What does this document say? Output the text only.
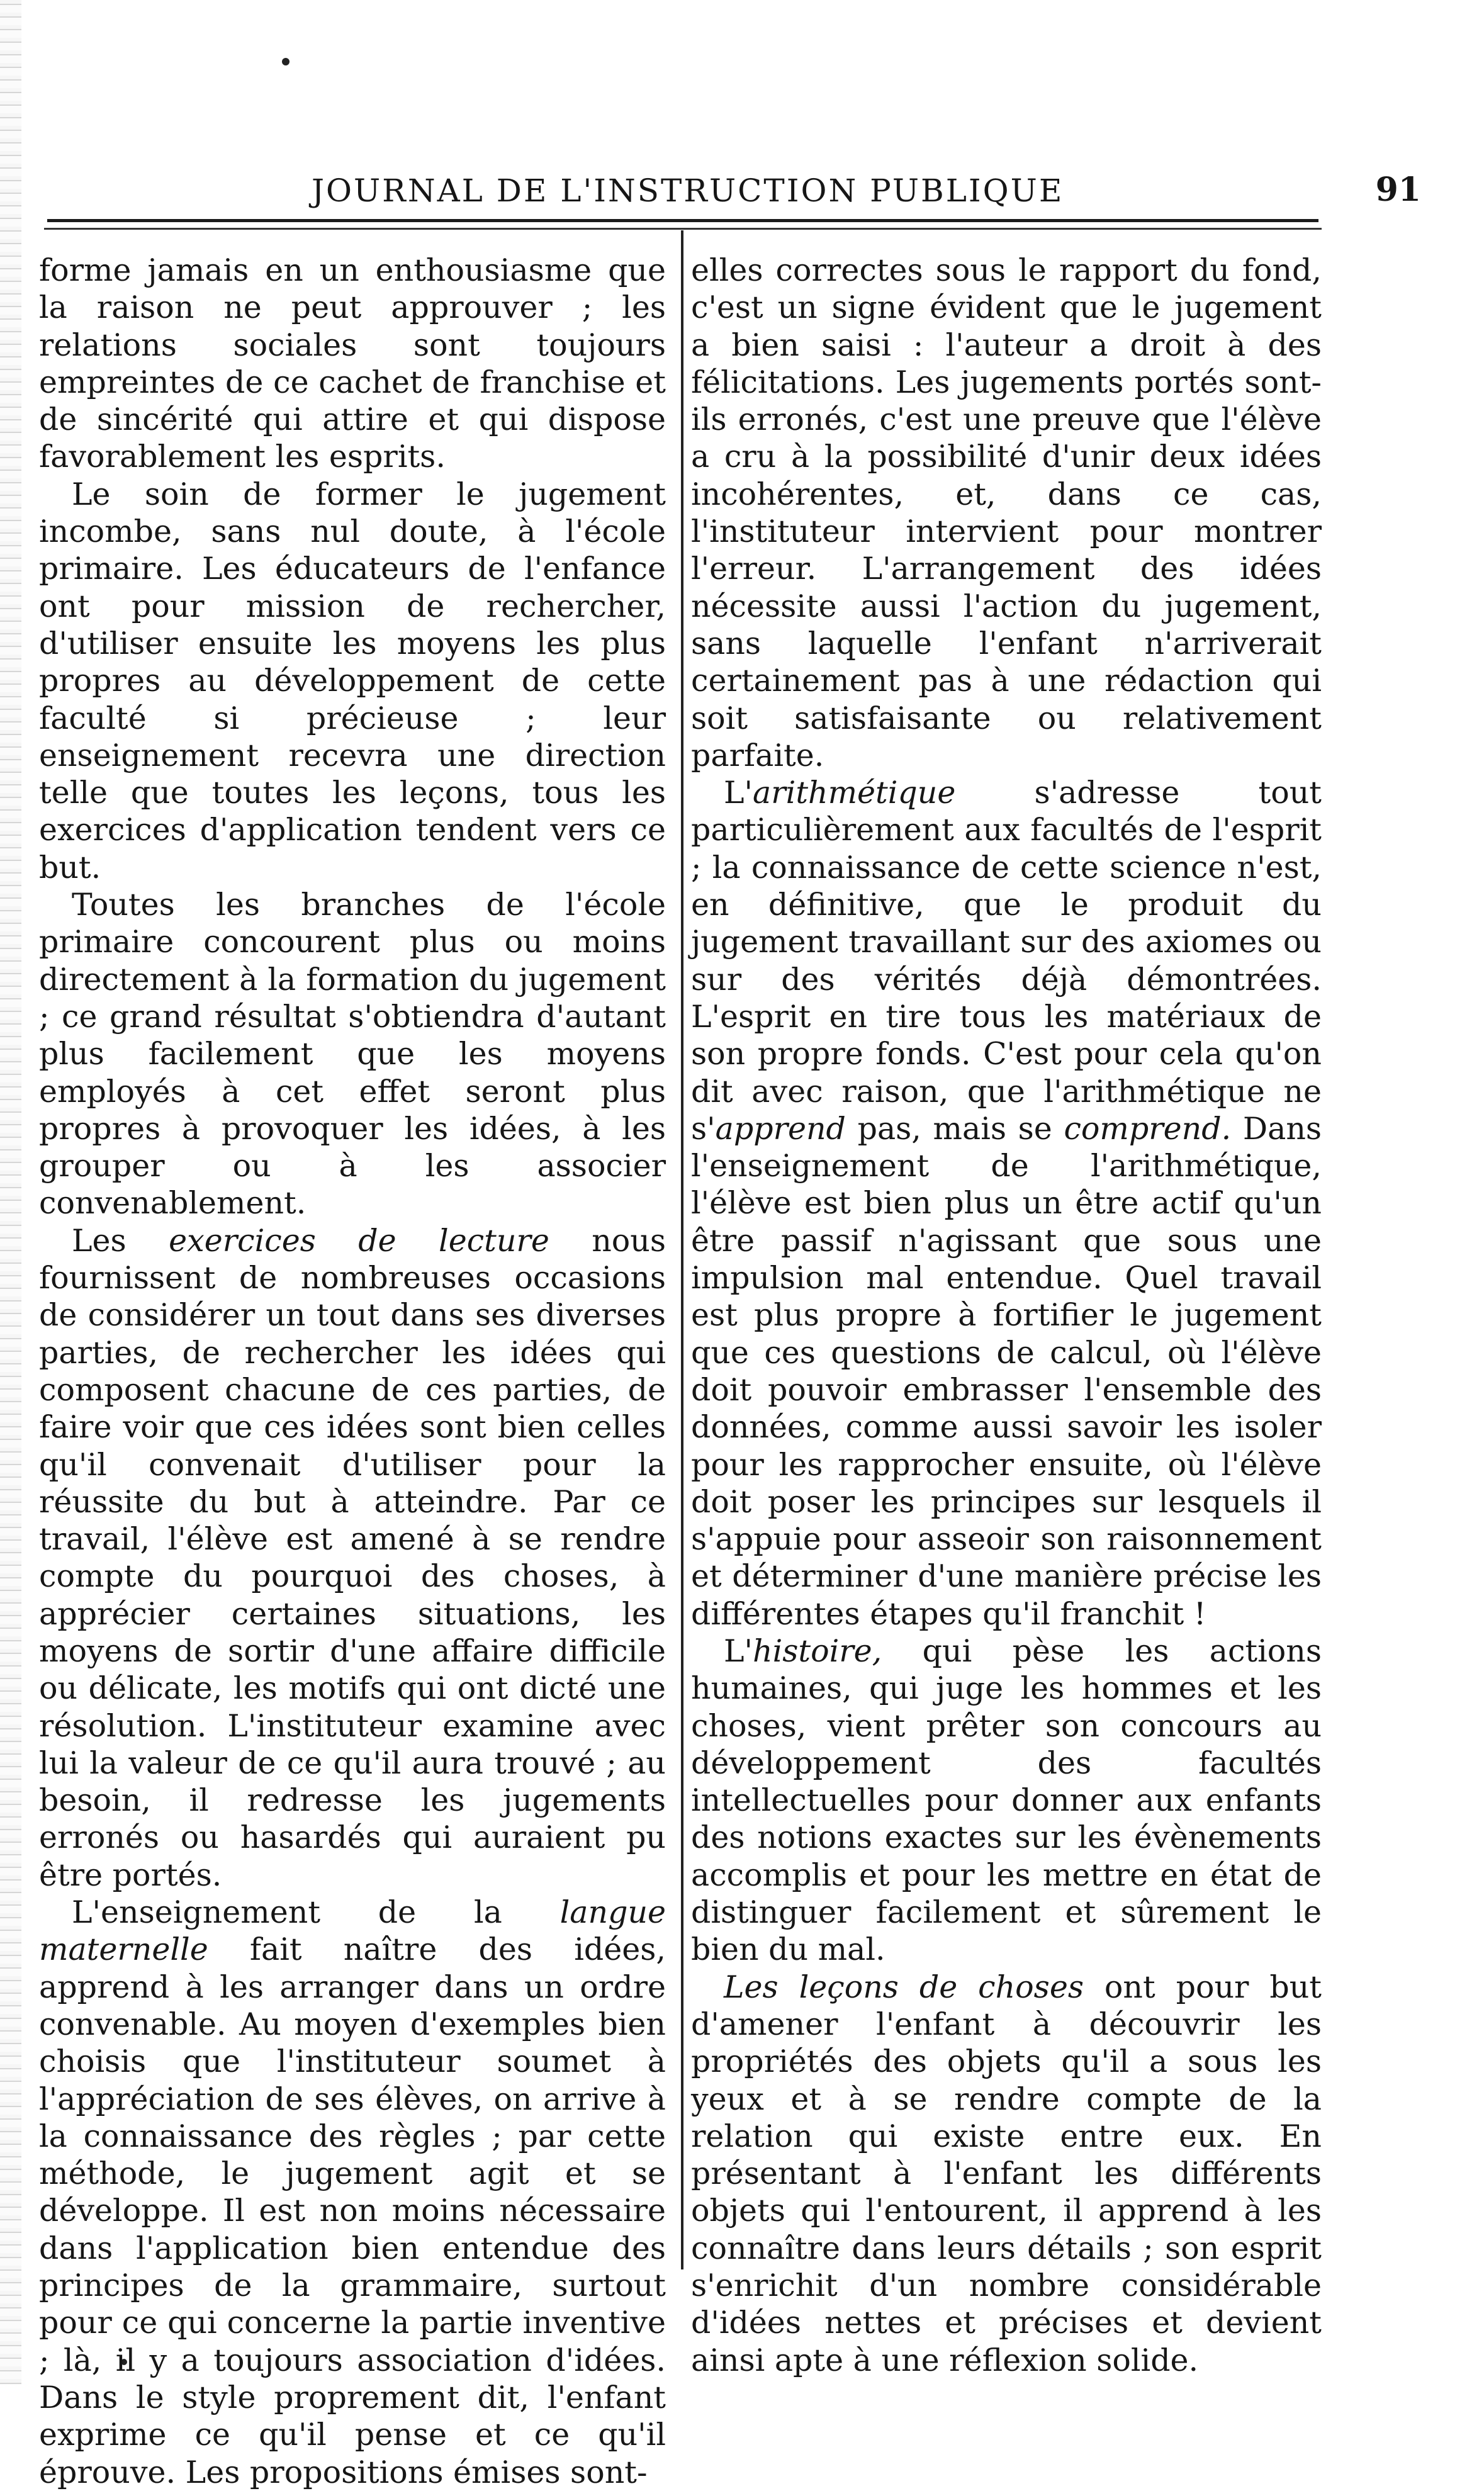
JOURNAL DE L'INSTRUCTION PUBLIQUE	91

forme jamais en un enthousiasme que la raison ne peut approuver ; les relations sociales sont toujours empreintes de ce cachet de franchise et de sincérité qui attire et qui dispose favorablement les esprits.

Le soin de former le jugement incombe, sans nul doute, à l'école primaire. Les éducateurs de l'enfance ont pour mission de rechercher, d'utiliser ensuite les moyens les plus propres au développement de cette faculté si précieuse ; leur enseignement recevra une direction telle que toutes les leçons, tous les exercices d'application tendent vers ce but.

Toutes les branches de l'école primaire concourent plus ou moins directement à la formation du jugement ; ce grand résultat s'obtiendra d'autant plus facilement que les moyens employés à cet effet seront plus propres à provoquer les idées, à les grouper ou à les associer convenablement.

Les exercices de lecture nous fournissent de nombreuses occasions de considérer un tout dans ses diverses parties, de rechercher les idées qui composent chacune de ces parties, de faire voir que ces idées sont bien celles qu'il convenait d'utiliser pour la réussite du but à atteindre. Par ce travail, l'élève est amené à se rendre compte du pourquoi des choses, à apprécier certaines situations, les moyens de sortir d'une affaire difficile ou délicate, les motifs qui ont dicté une résolution. L'instituteur examine avec lui la valeur de ce qu'il aura trouvé ; au besoin, il redresse les jugements erronés ou hasardés qui auraient pu être portés.

L'enseignement de la langue maternelle fait naître des idées, apprend à les arranger dans un ordre convenable. Au moyen d'exemples bien choisis que l'instituteur soumet à l'appréciation de ses élèves, on arrive à la connaissance des règles ; par cette méthode, le jugement agit et se développe. Il est non moins nécessaire dans l'application bien entendue des principes de la grammaire, surtout pour ce qui concerne la partie inventive ; là, il y a toujours association d'idées. Dans le style proprement dit, l'enfant exprime ce qu'il pense et ce qu'il éprouve. Les propositions émises sont-

elles correctes sous le rapport du fond, c'est un signe évident que le jugement a bien saisi : l'auteur a droit à des félicitations. Les jugements portés sont-ils erronés, c'est une preuve que l'élève a cru à la possibilité d'unir deux idées incohérentes, et, dans ce cas, l'instituteur intervient pour montrer l'erreur. L'arrangement des idées nécessite aussi l'action du jugement, sans laquelle l'enfant n'arriverait certainement pas à une rédaction qui soit satisfaisante ou relativement parfaite.

L'arithmétique	s'adresse tout particulièrement aux facultés de l'esprit ; la connaissance de cette science n'est, en définitive, que le produit du jugement travaillant sur des axiomes ou sur des vérités déjà démontrées. L'esprit en tire tous les matériaux de son propre fonds. C'est pour cela qu'on dit avec raison, que l'arithmétique ne s'apprend pas, mais se comprend. Dans l'enseignement de l'arithmétique, l'élève est bien plus un être actif qu'un être passif n'agissant que sous une impulsion mal entendue. Quel travail est plus propre à fortifier le jugement que ces questions de calcul, où l'élève doit pouvoir embrasser l'ensemble des données, comme aussi savoir les isoler pour les rapprocher ensuite, où l'élève doit poser les principes sur lesquels il s'appuie pour asseoir son raisonnement et déterminer d'une manière précise les différentes étapes qu'il franchit !

L'histoire, qui pèse les actions humaines, qui juge les hommes et les choses, vient prêter son concours au développement des facultés intellectuelles pour donner aux enfants des notions exactes sur les évènements accomplis et pour les mettre en état de distinguer facilement et sûrement le bien du mal.

Les leçons de choses ont pour but d'amener l'enfant à découvrir les propriétés des objets qu'il a sous les yeux et à se rendre compte de la relation qui existe entre eux. En présentant à l'enfant les différents objets qui l'entourent, il apprend à les connaître dans leurs détails ; son esprit s'enrichit d'un nombre considérable d'idées nettes et précises et devient ainsi apte à une réflexion solide.
